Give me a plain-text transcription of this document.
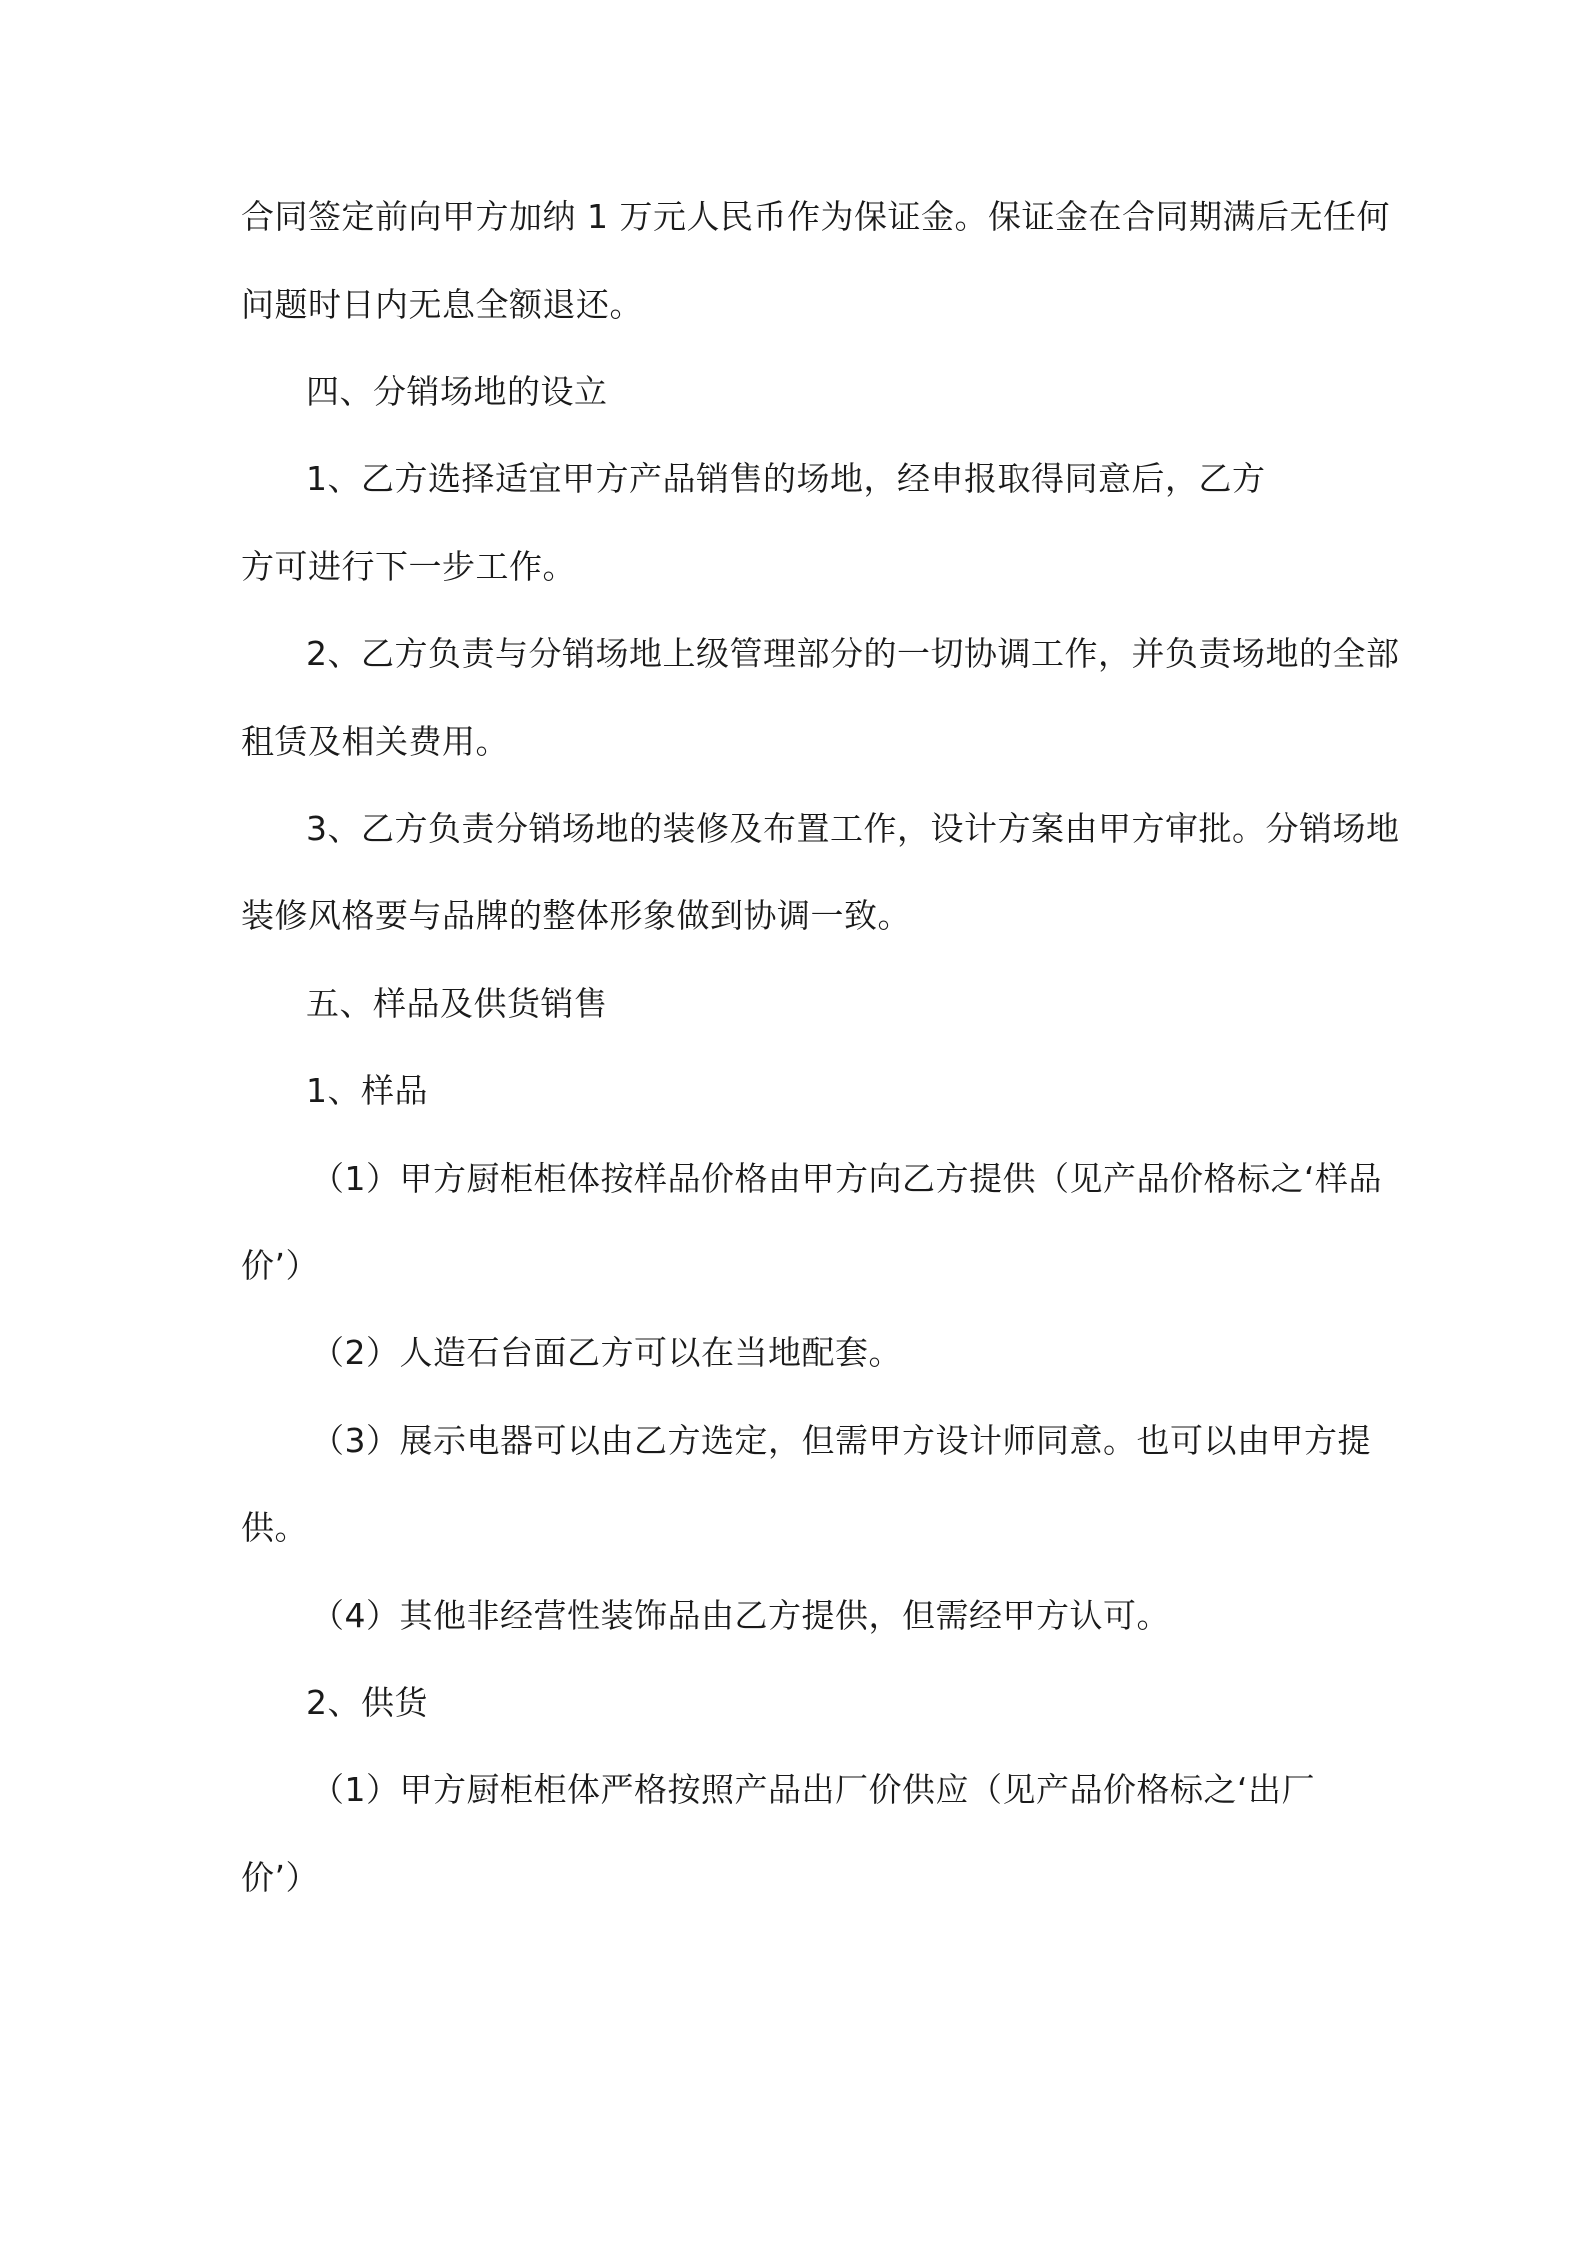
合同签定前向甲方加纳 1 万元人民币作为保证金。保证金在合同期满后无任何
问题时日内无息全额退还。
四、分销场地的设立
1、乙方选择适宜甲方产品销售的场地，经申报取得同意后，乙方
方可进行下一步工作。
2、乙方负责与分销场地上级管理部分的一切协调工作，并负责场地的全部
租赁及相关费用。
3、乙方负责分销场地的装修及布置工作，设计方案由甲方审批。分销场地
装修风格要与品牌的整体形象做到协调一致。
五、样品及供货销售
1、样品
（1）甲方厨柜柜体按样品价格由甲方向乙方提供（见产品价格标之‘样品
价’）
（2）人造石台面乙方可以在当地配套。
（3）展示电器可以由乙方选定，但需甲方设计师同意。也可以由甲方提
供。
（4）其他非经营性装饰品由乙方提供，但需经甲方认可。
2、供货
（1）甲方厨柜柜体严格按照产品出厂价供应（见产品价格标之‘出厂
价’）
